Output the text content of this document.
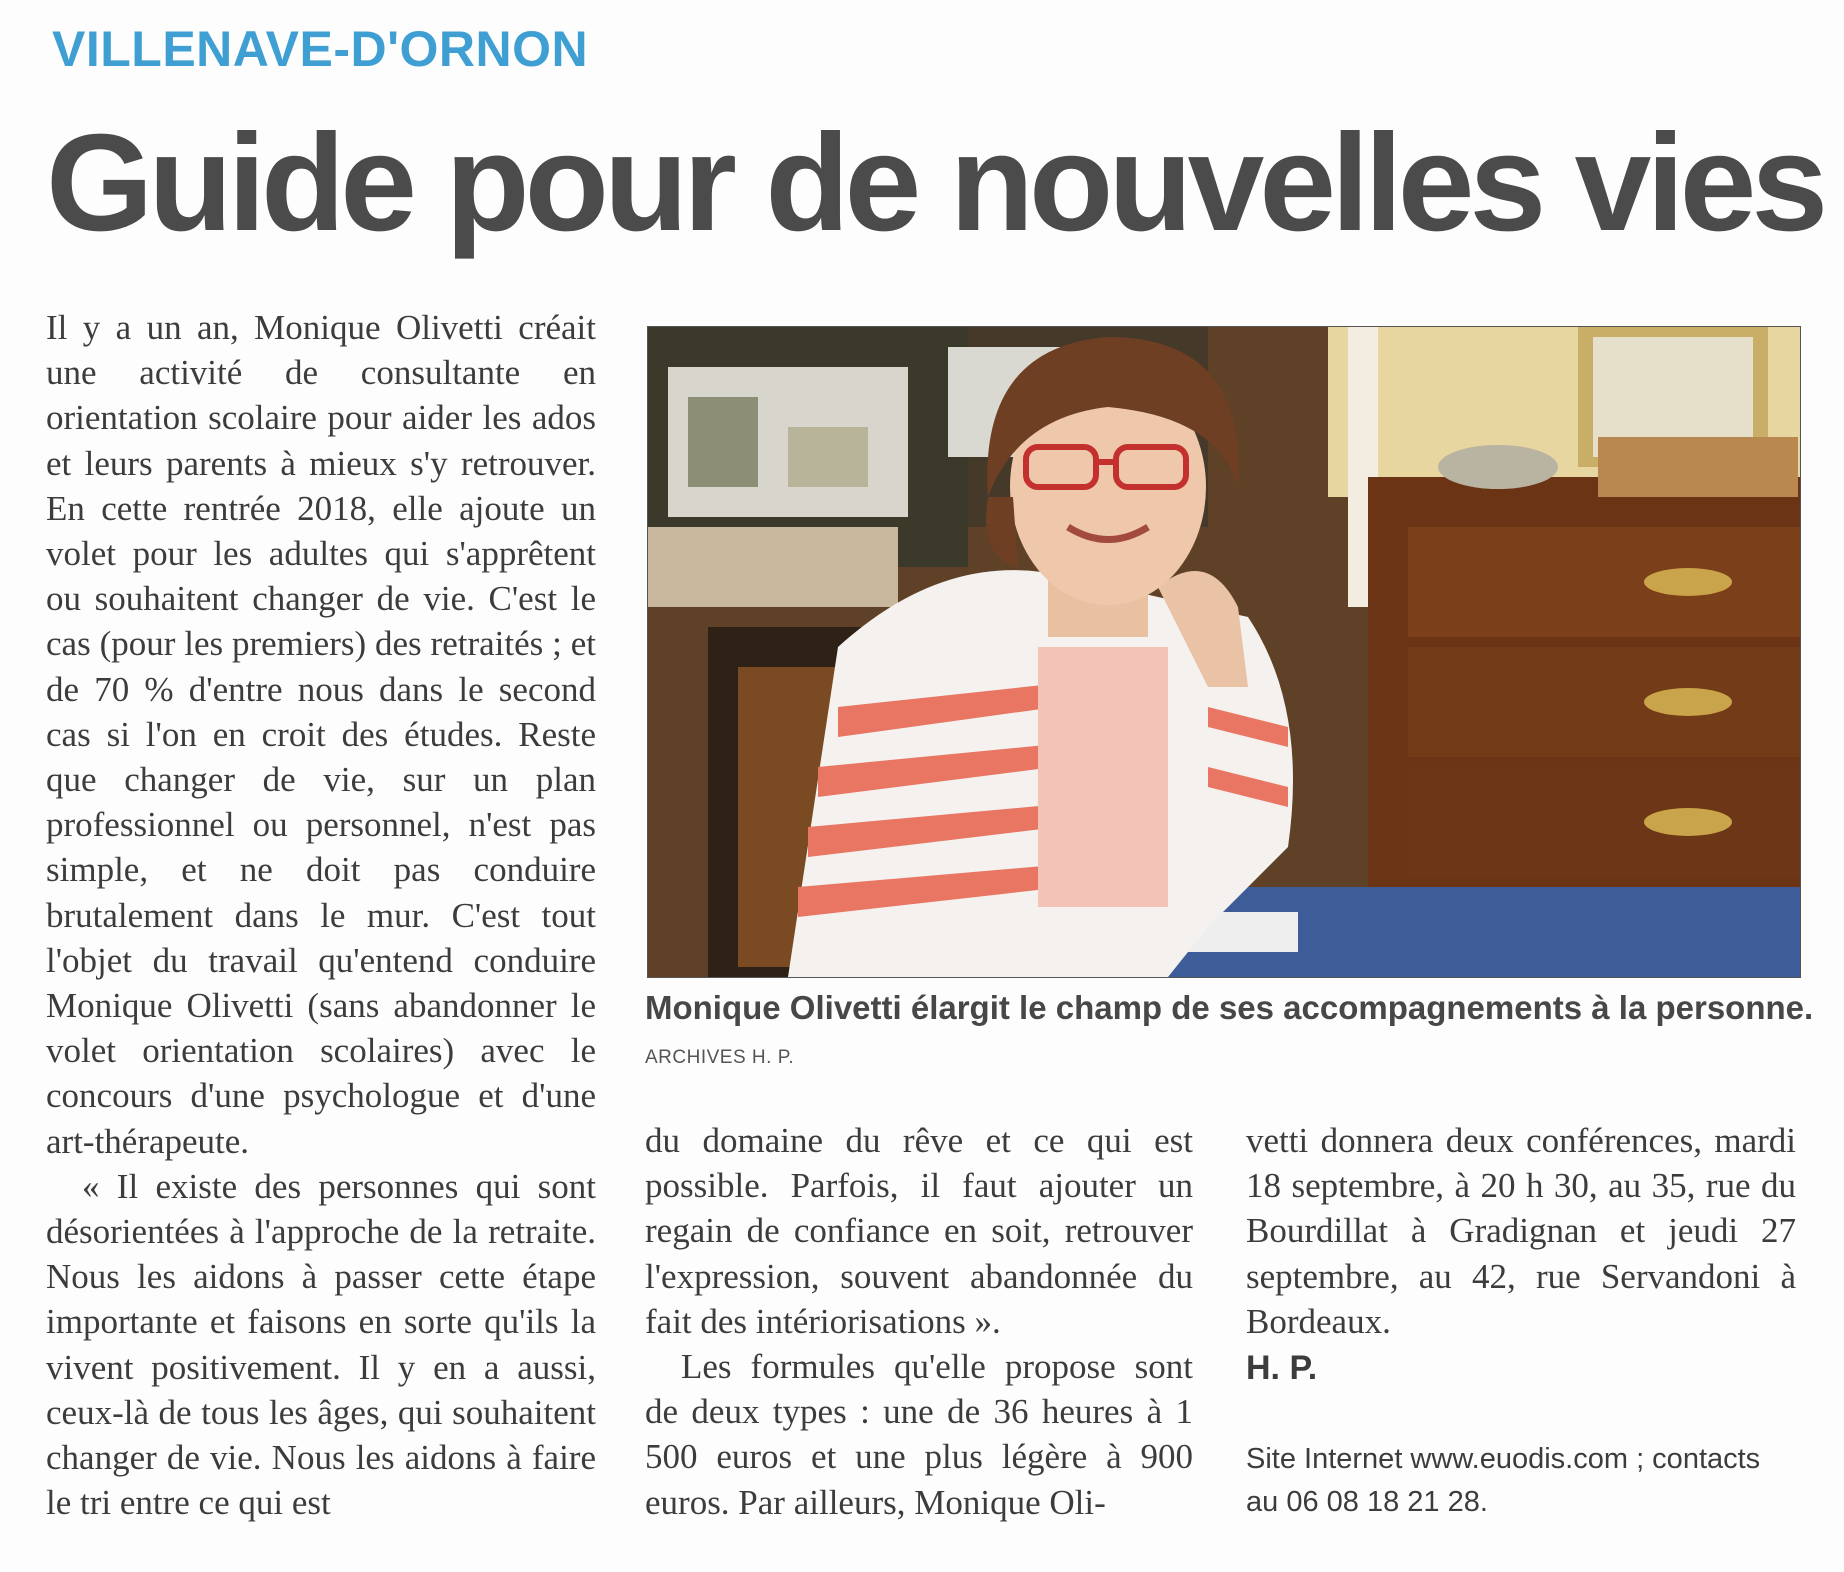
VILLENAVE-D'ORNON
Guide pour de nouvelles vies

Il y a un an, Monique Olivetti créait une activité de consultante en orientation scolaire pour aider les ados et leurs parents à mieux s'y retrouver. En cette rentrée 2018, elle ajoute un volet pour les adultes qui s'apprêtent ou souhaitent changer de vie. C'est le cas (pour les premiers) des retraités ; et de 70 % d'entre nous dans le second cas si l'on en croit des études. Reste que changer de vie, sur un plan professionnel ou personnel, n'est pas simple, et ne doit pas conduire brutalement dans le mur. C'est tout l'objet du travail qu'entend conduire Monique Olivetti (sans abandonner le volet orientation scolaires) avec le concours d'une psychologue et d'une art-thérapeute.

« Il existe des personnes qui sont désorientées à l'approche de la retraite. Nous les aidons à passer cette étape importante et faisons en sorte qu'ils la vivent positivement. Il y en a aussi, ceux-là de tous les âges, qui souhaitent changer de vie. Nous les aidons à faire le tri entre ce qui est

Monique Olivetti élargit le champ de ses accompagnements à la personne. ARCHIVES H. P.

du domaine du rêve et ce qui est possible. Parfois, il faut ajouter un regain de confiance en soit, retrouver l'expression, souvent abandonnée du fait des intériorisations ».

Les formules qu'elle propose sont de deux types : une de 36 heures à 1 500 euros et une plus légère à 900 euros. Par ailleurs, Monique Oli-

vetti donnera deux conférences, mardi 18 septembre, à 20 h 30, au 35, rue du Bourdillat à Gradignan et jeudi 27 septembre, au 42, rue Servandoni à Bordeaux.

H. P.
Site Internet www.euodis.com ; contacts
au 06 08 18 21 28.
